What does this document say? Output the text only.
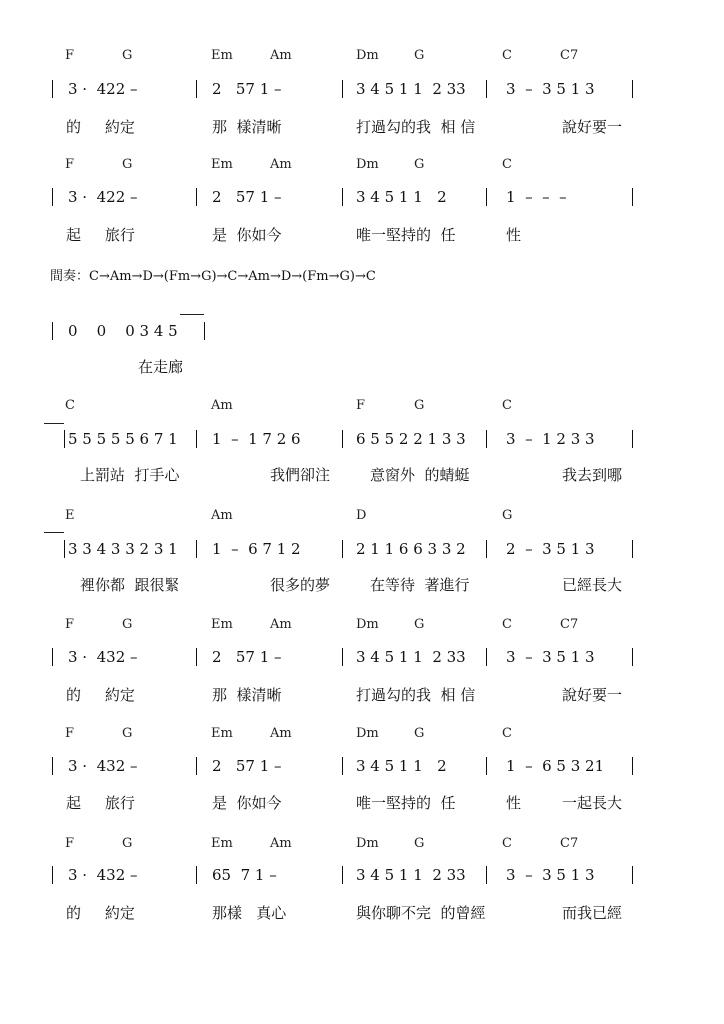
F	G	Em	Am	Dm	G	C	C7
3 ·  422 –	2   57 1 –	3 4 5 1 1  2 33	3  –  3 5 1 3
的     約定	那  樣清晰	打過勾的我  相 信	說好要一
F	G	Em	Am	Dm	G	C
3 ·  422 –	2   57 1 –	3 4 5 1 1   2	1  –  –  –
起     旅行	是  你如今	唯一堅持的  任	性
間奏：C→Am→D→(Fm→G)→C→Am→D→(Fm→G)→C
0    0    0 3 4 5
在走廊
C	Am	F	G	C
5 5 5 5 5 6 7 1 1  –  1 7 2 6	6 5 5 2 2 1 3 3	3  –  1 2 3 3
上罰站  打手心	我們卻注	意窗外  的蜻蜓	我去到哪
E	Am	D	G
3 3 4 3 3 2 3 1 1  –  6 7 1 2	2 1 1 6 6 3 3 2	2  –  3 5 1 3
裡你都  跟很緊	很多的夢	在等待  著進行	已經長大
F	G	Em	Am	Dm	G	C	C7
3 ·  432 –	2   57 1 –	3 4 5 1 1  2 33	3  –  3 5 1 3
的     約定	那  樣清晰	打過勾的我  相 信	說好要一
F	G	Em	Am	Dm	G	C
3 ·  432 –	2   57 1 –	3 4 5 1 1   2	1  –  6 5 3 21
起     旅行	是  你如今	唯一堅持的  任	性	一起長大
F	G	Em	Am	Dm	G	C	C7
3 ·  432 –	65  7 1 –	3 4 5 1 1  2 33	3  –  3 5 1 3
的     約定	那樣   真心	與你聊不完  的曾經	而我已經
